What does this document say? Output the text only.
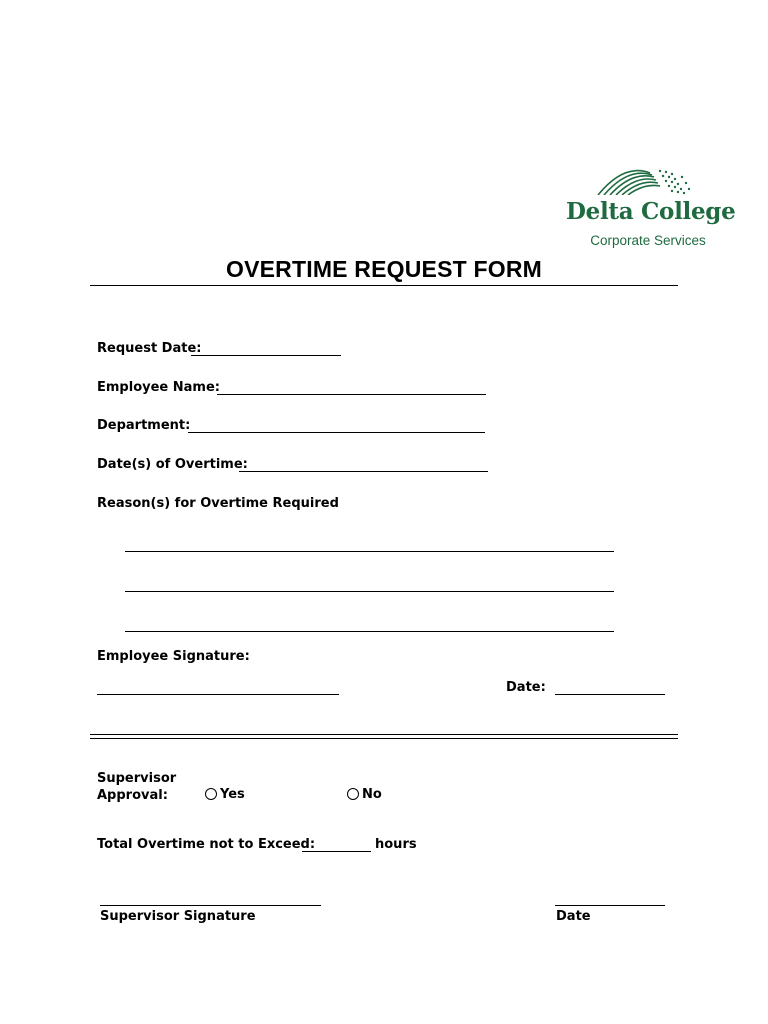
Delta College
Corporate Services
OVERTIME REQUEST FORM
Request Date:
Employee Name:
Department:
Date(s) of Overtime:
Reason(s) for Overtime Required
Employee Signature:
Date:
Supervisor
Approval:	Yes	No
Total Overtime not to Exceed:	hours
Supervisor Signature	Date
